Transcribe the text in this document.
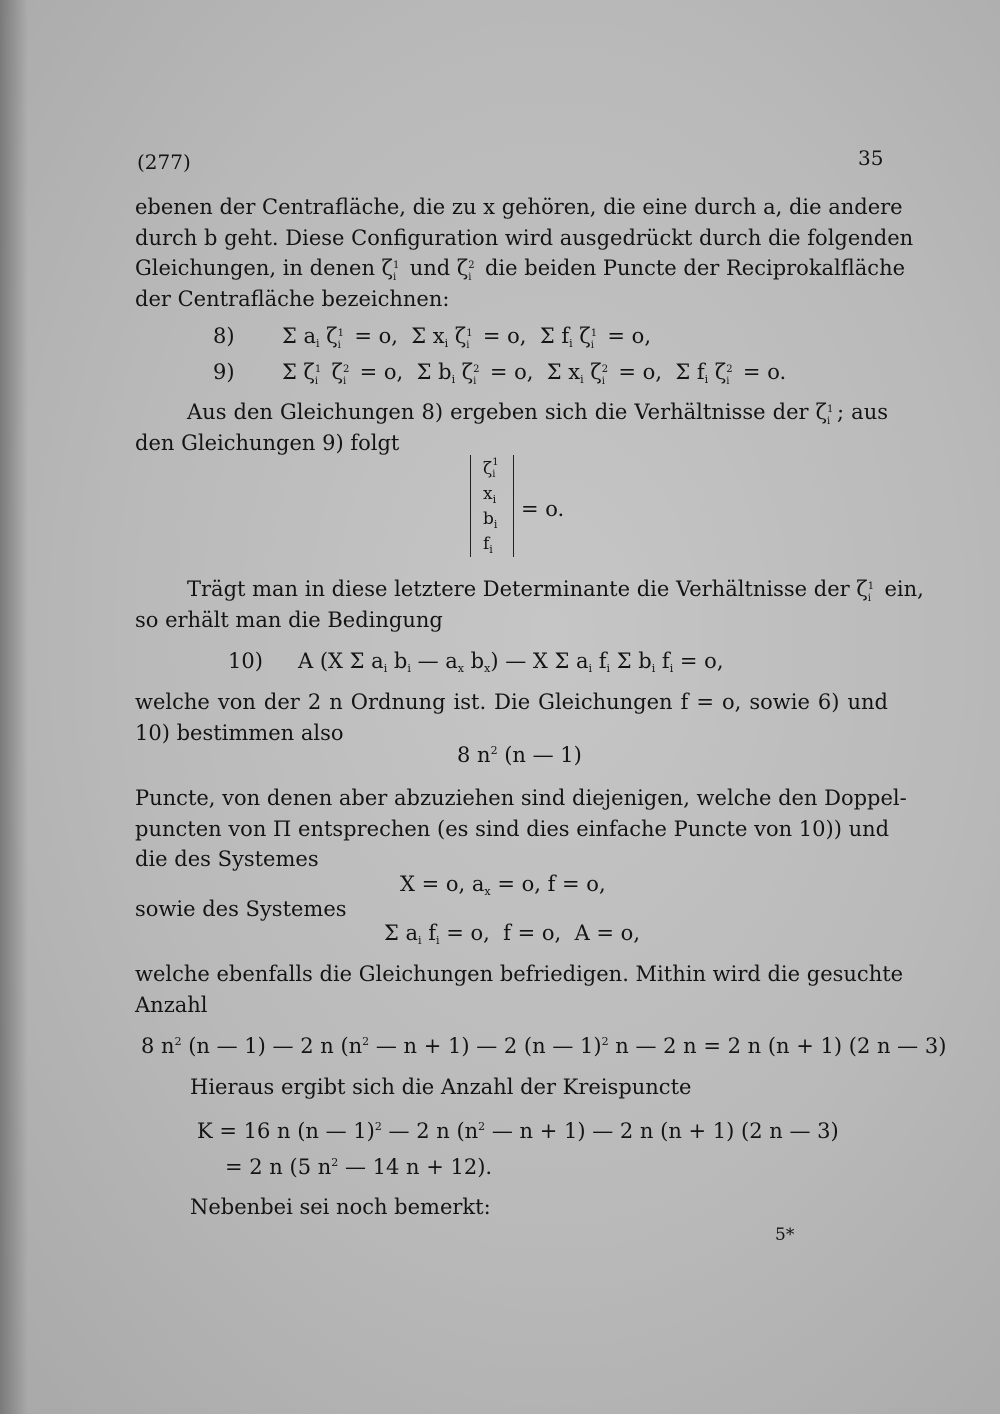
(277)	35
ebenen der Centrafläche, die zu x gehören, die eine durch a, die andere
durch b geht. Diese Configuration wird ausgedrückt durch die folgenden
Gleichungen, in denen ζ 1
i und ζ 2
i die beiden Puncte der Reciprokalfläche
der Centrafläche bezeichnen:
8) Σ $a_i$ ζ 1
i = o,  Σ $x_i$ ζ 1
i = o,  Σ $f_i$ ζ 1
i = o,
9) Σ ζ 1
i ζ 2
i = o,  Σ $b_i$ ζ 2
i = o,  Σ $x_i$ ζ 2
i = o,  Σ $f_i$ ζ 2
i = o.
Aus den Gleichungen 8) ergeben sich die Verhältnisse der ζ 1
i ; aus
den Gleichungen 9) folgt
ζ 1
i
$x_i$
$b_i$
$f_i$
= o.
Trägt man in diese letztere Determinante die Verhältnisse der ζ 1
i ein,
so erhält man die Bedingung
10) A (X Σ $a_i$ $b_i$ — $a_x$ $b_x$) — X Σ $a_i$ $f_i$ Σ $b_i$ $f_i = o$,
welche von der 2 n Ordnung ist. Die Gleichungen f = o, sowie 6) und
10) bestimmen also
8 $n^2$ (n — 1)
Puncte, von denen aber abzuziehen sind diejenigen, welche den Doppel-
puncten von Π entsprechen (es sind dies einfache Puncte von 10)) und
die des Systemes
X = o, $a_x = o$, f = o,
sowie des Systemes
Σ $a_i$ $f_i = o$,  f = o,  A = o,
welche ebenfalls die Gleichungen befriedigen. Mithin wird die gesuchte
Anzahl
8 $n^2$ (n — 1) — 2 n ($n^2$ — n + 1) — 2 (n — 1)$^2$ n — 2 n = 2 n (n + 1) (2 n — 3)
Hieraus ergibt sich die Anzahl der Kreispuncte
K = 16 n (n — 1)$^2$ — 2 n ($n^2$ — n + 1) — 2 n (n + 1) (2 n — 3)
= 2 n (5 $n^2$ — 14 n + 12).
Nebenbei sei noch bemerkt:
5*
